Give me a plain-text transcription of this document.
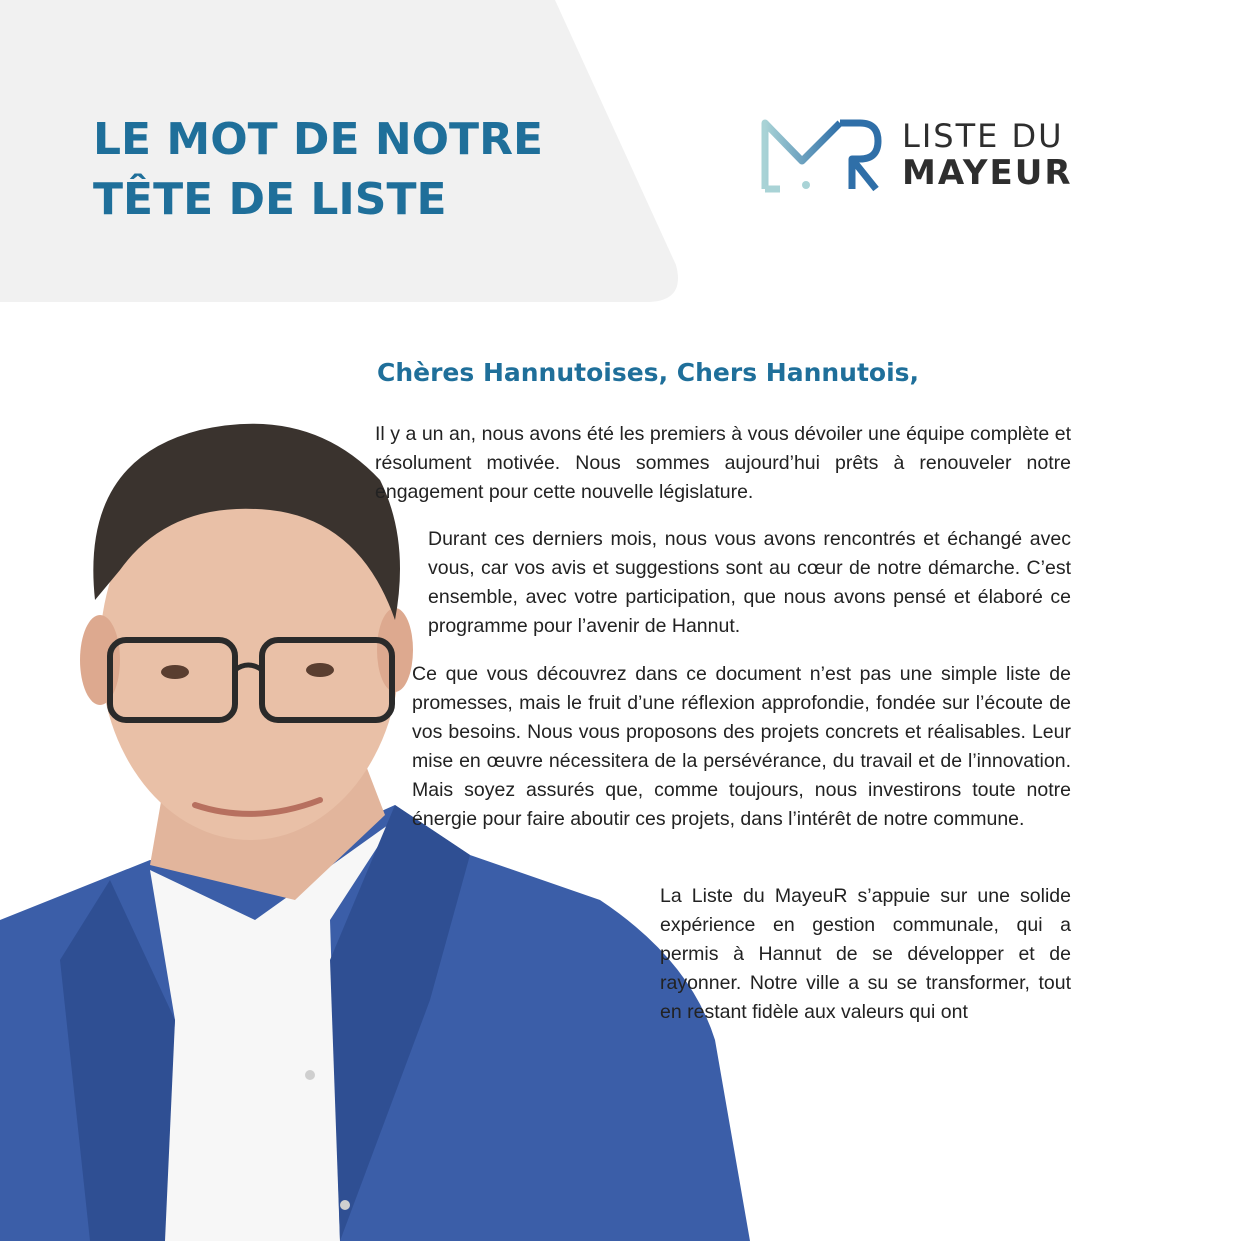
LE MOT DE NOTRE
TÊTE DE LISTE
LISTE DU
MAYEUR
Chères Hannutoises, Chers Hannutois,

Il y a un an, nous avons été les premiers à vous dévoiler une équipe complète et résolument motivée. Nous sommes aujourd’hui prêts à renouveler notre engagement pour cette nouvelle législature.

Durant ces derniers mois, nous vous avons rencontrés et échangé avec vous, car vos avis et suggestions sont au cœur de notre démarche. C’est ensemble, avec votre participation, que nous avons pensé et élaboré ce programme pour l’avenir de Hannut.

Ce que vous découvrez dans ce document n’est pas une simple liste de promesses, mais le fruit d’une réflexion approfondie, fondée sur l’écoute de vos besoins. Nous vous proposons des projets concrets et réalisables. Leur mise en œuvre nécessitera de la persévérance, du travail et de l’innovation. Mais soyez assurés que, comme toujours, nous investirons toute notre énergie pour faire aboutir ces projets, dans l’intérêt de notre commune.

La Liste du MayeuR s’appuie sur une solide expérience en gestion communale, qui a permis à Hannut de se développer et de rayonner. Notre ville a su se transformer, tout en restant fidèle aux valeurs qui ont
